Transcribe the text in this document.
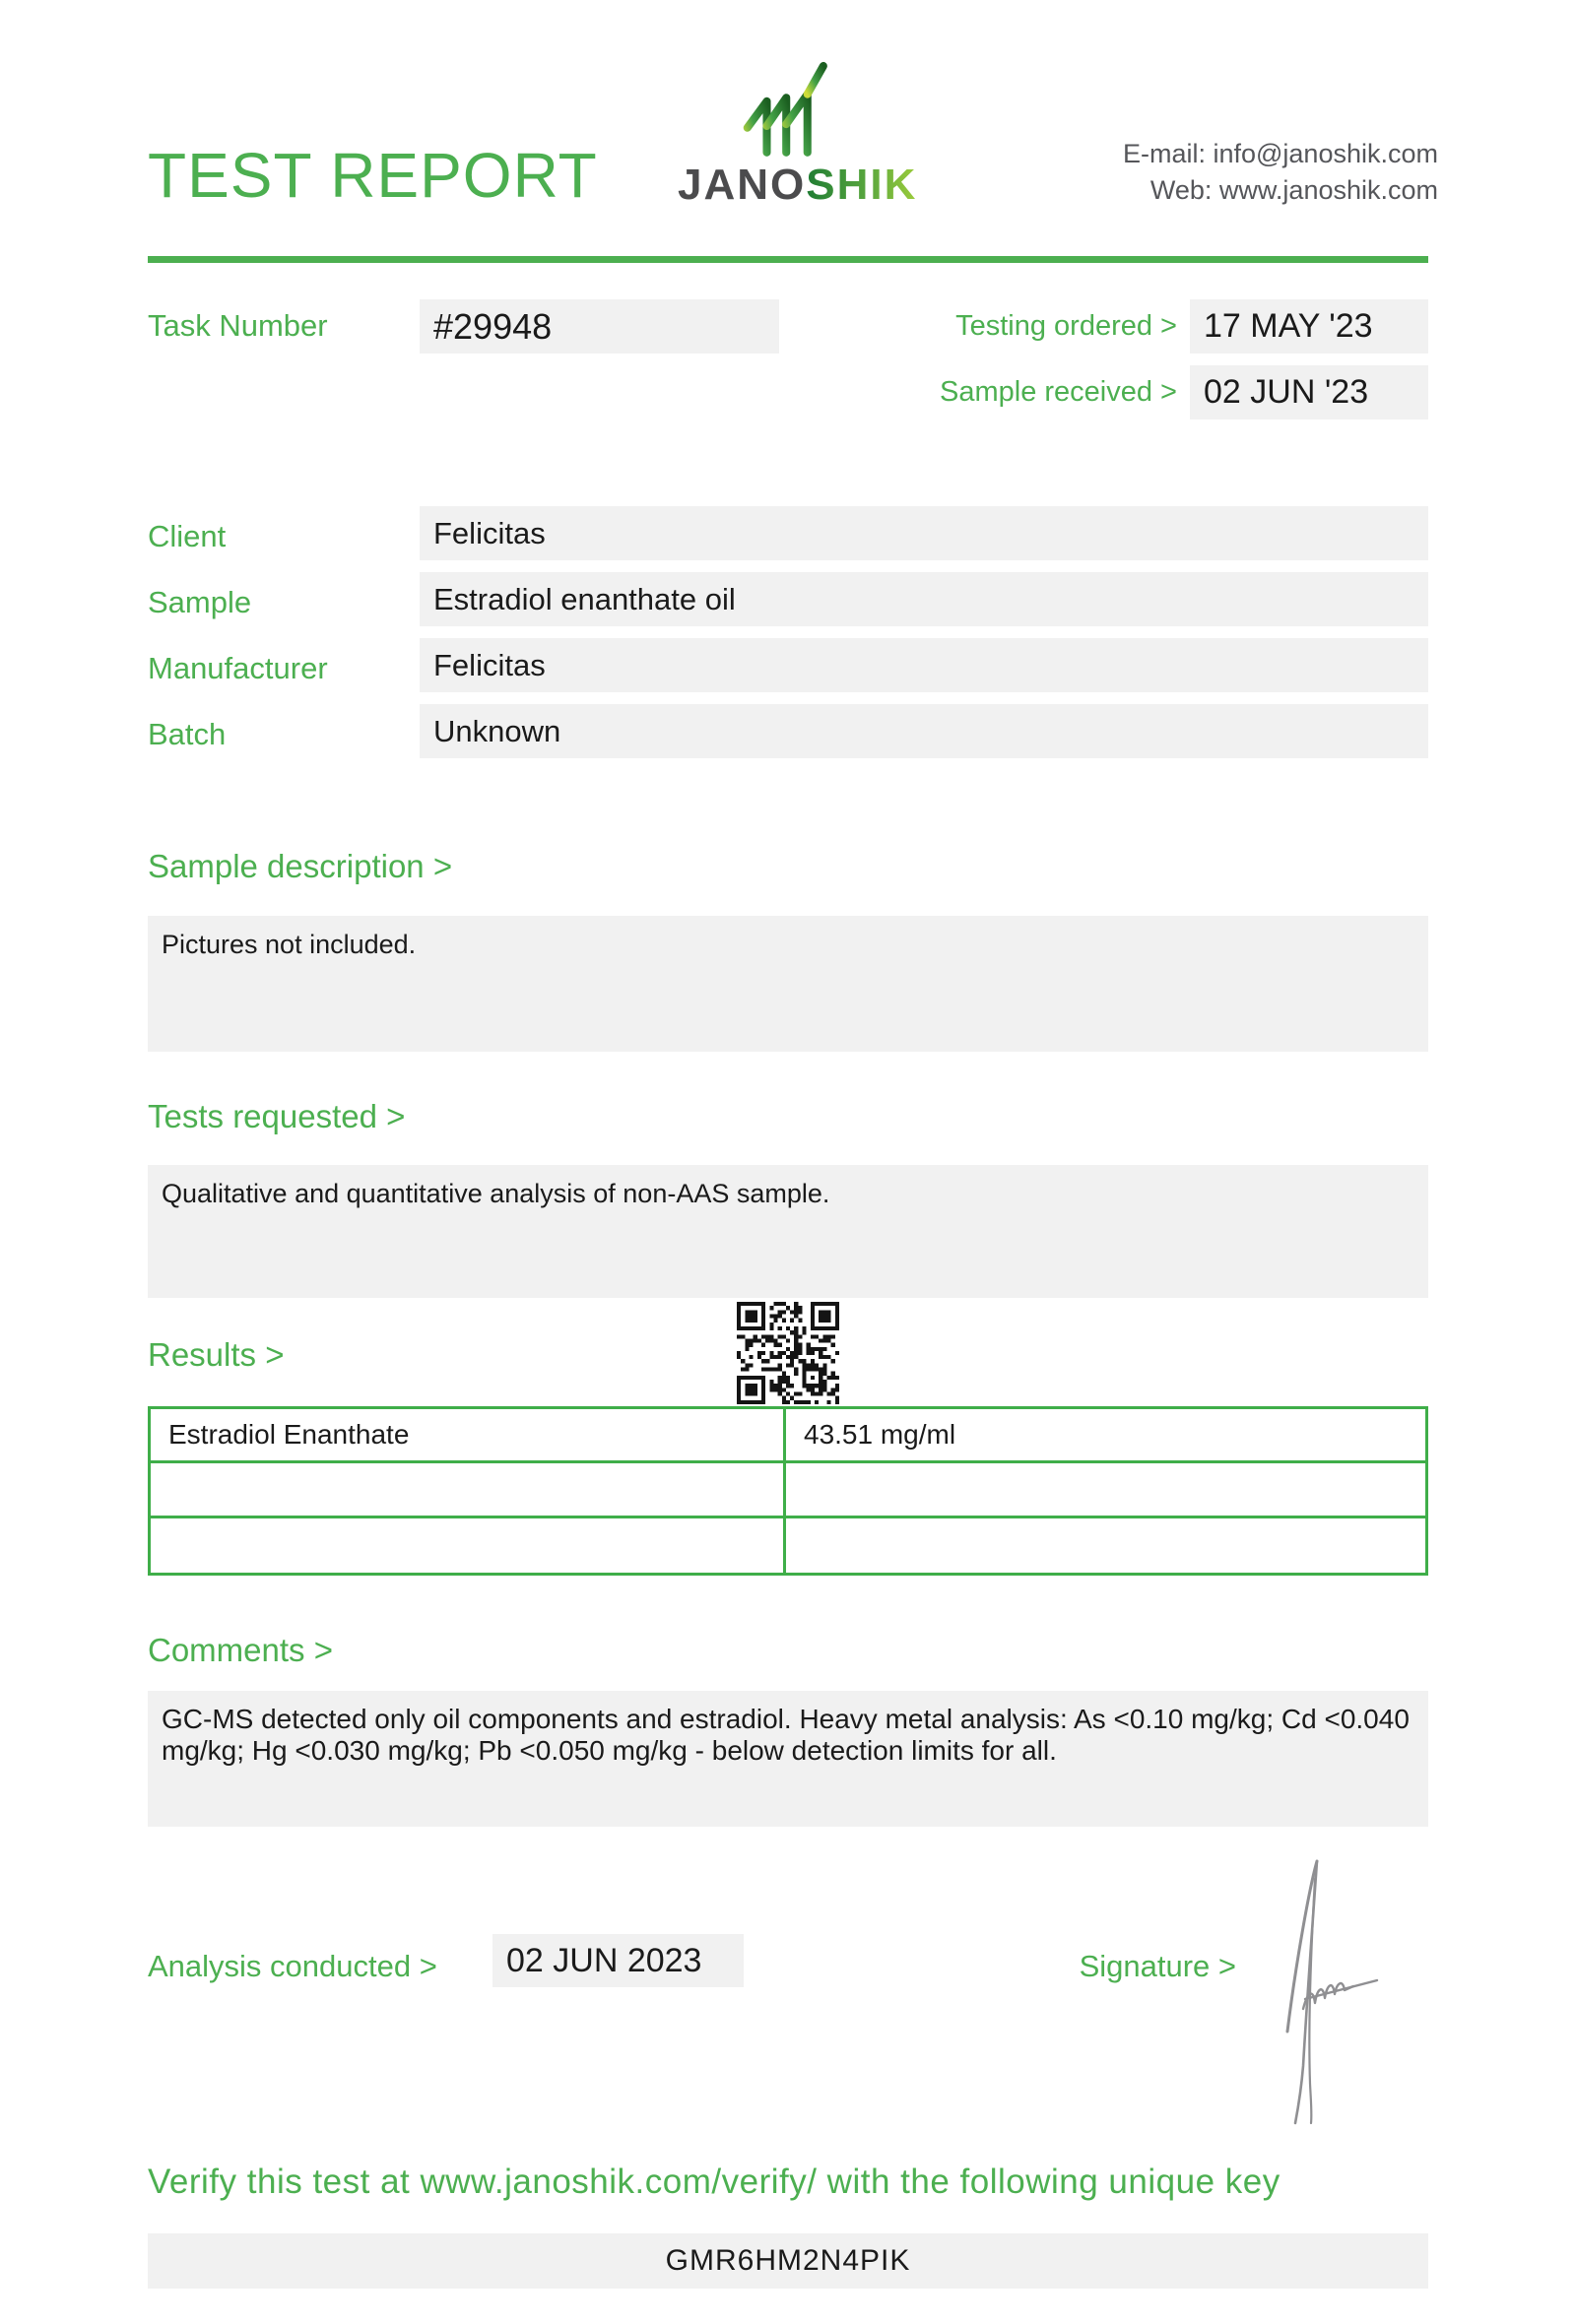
TEST REPORT JANOSHIK
E-mail: info@janoshik.com
Web: www.janoshik.com
Task Number	#29948	Testing ordered > 17 MAY '23
Sample received > 02 JUN '23
Client	Felicitas
Sample	Estradiol enanthate oil
Manufacturer	Felicitas
Batch	Unknown
Sample description >
Pictures not included.
Tests requested >
Qualitative and quantitative analysis of non-AAS sample.
Results >
Estradiol Enanthate	43.51 mg/ml
Comments >
GC-MS detected only oil components and estradiol. Heavy metal analysis: As <0.10 mg/kg; Cd <0.040 mg/kg; Hg <0.030 mg/kg; Pb <0.050 mg/kg - below detection limits for all.
Analysis conducted > 02 JUN 2023	Signature >
Verify this test at www.janoshik.com/verify/ with the following unique key
GMR6HM2N4PIK
